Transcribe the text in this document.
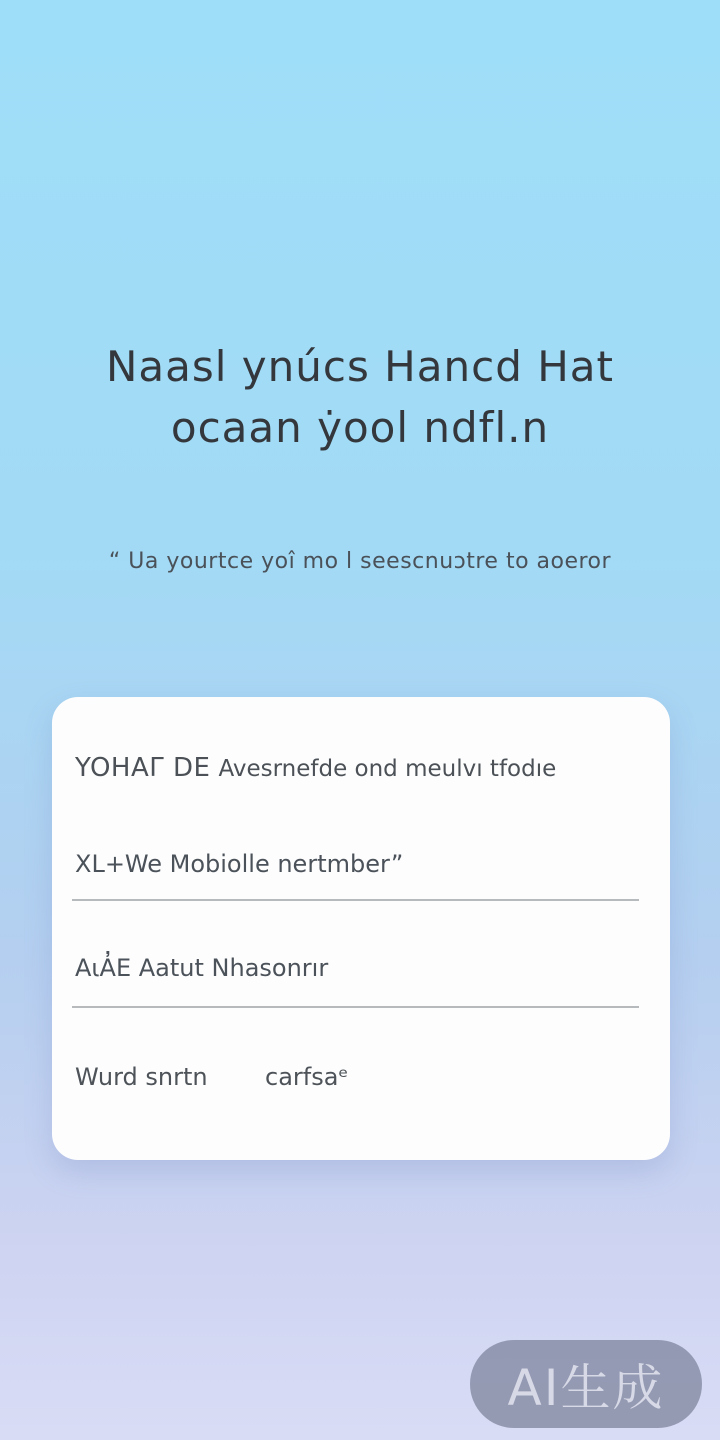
Naasl ynúcs Hancd Hat
ocaan ẏool ndfl.n
“ Ua yourtce yoî mo l seescnuɔtre to aoeror
YOHAΓ DE Avesrnefde ond meulvı tfodıe
XL+We Mobiolle nertmber”
AιA̓E Aatut Nhasonrır
Wurd snrtn carfsaᵉ
AI生成
